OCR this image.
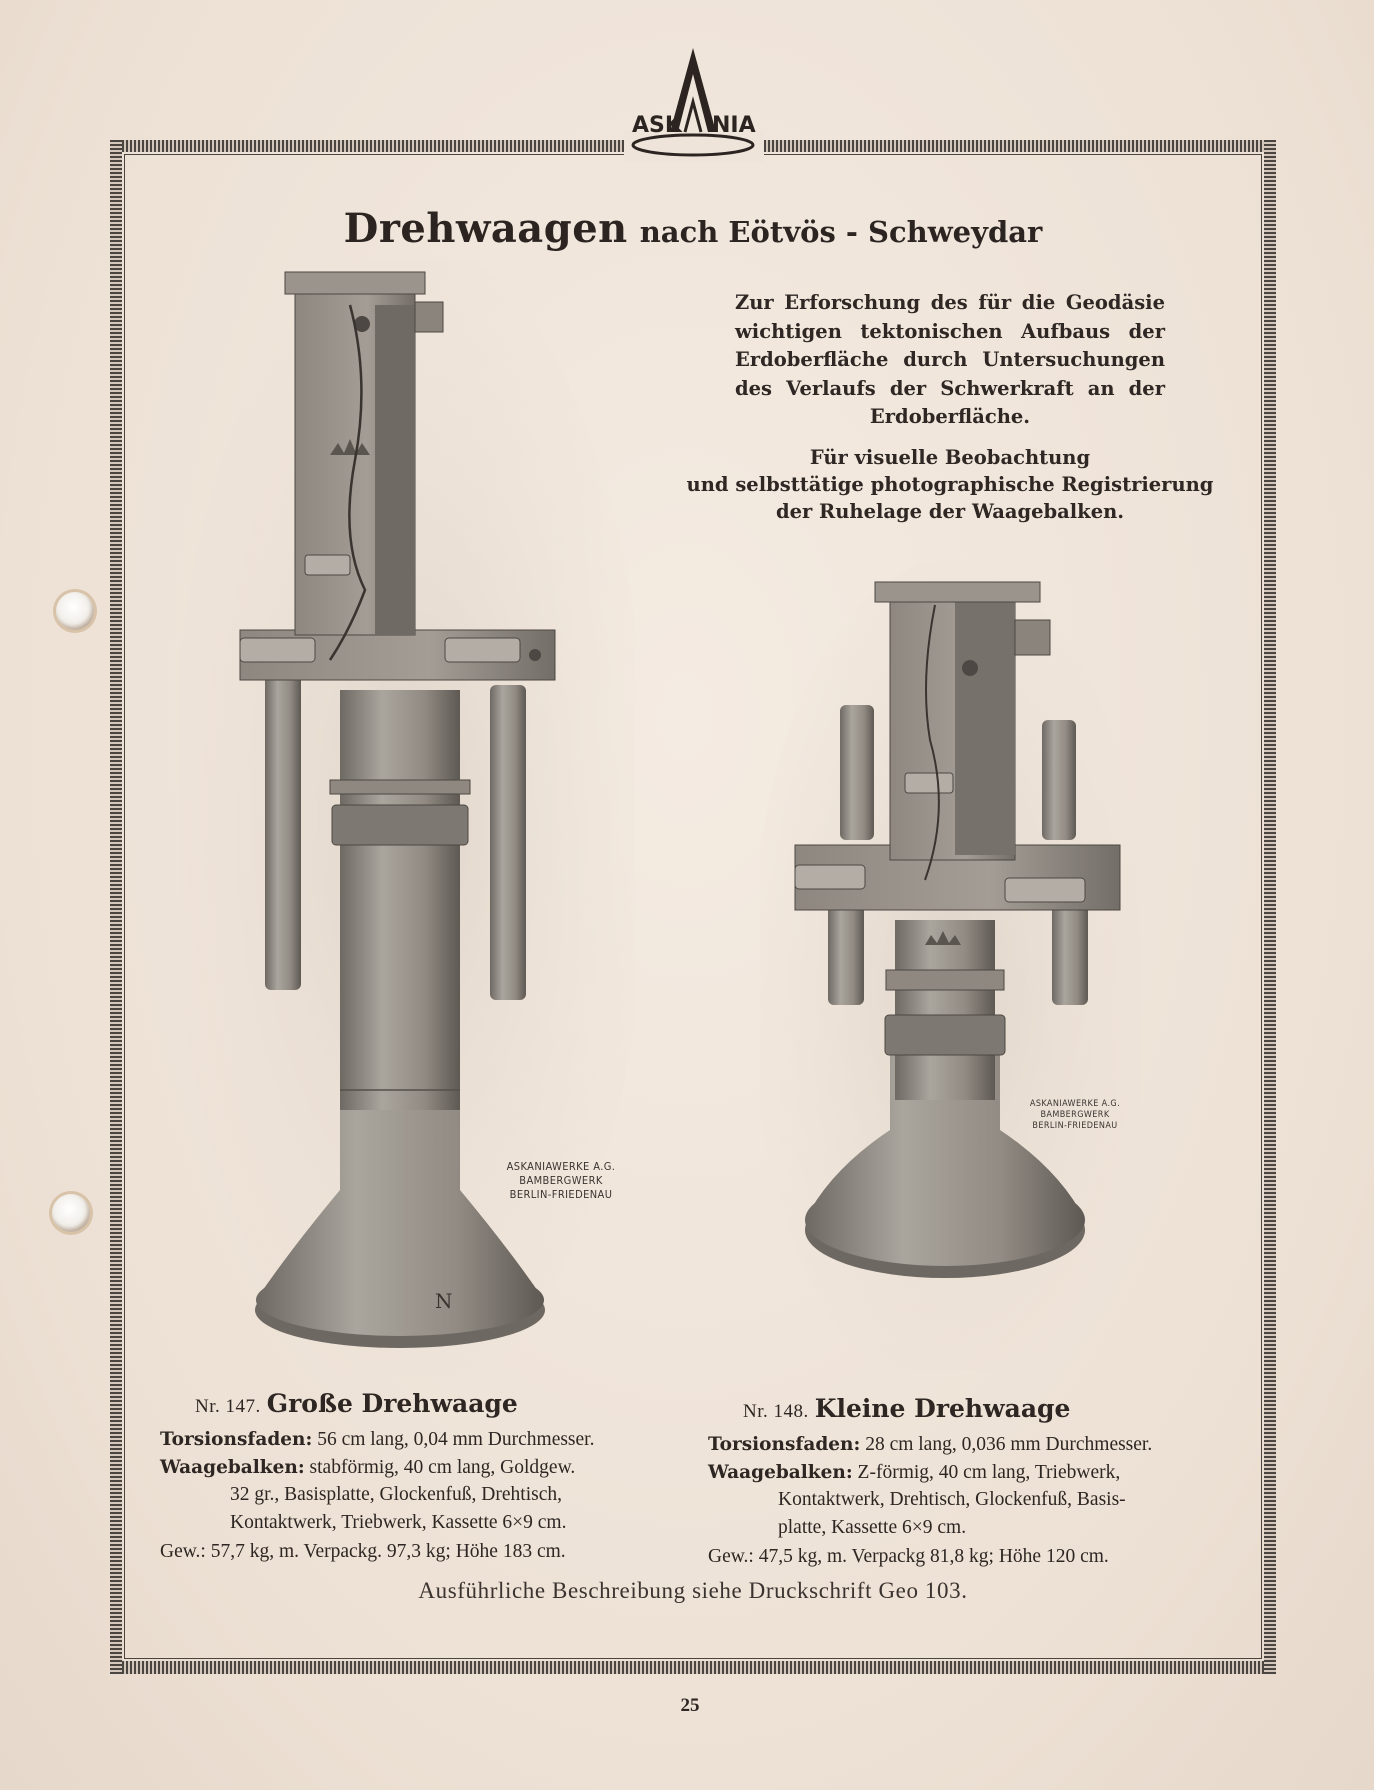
ASK NIA
Drehwaagen nach Eötvös - Schweydar
Zur Erforschung des für die Geodäsie wichtigen tektonischen Aufbaus der Erdoberfläche durch Untersuchungen des Verlaufs der Schwerkraft an der Erdoberfläche.
Für visuelle Beobachtung
und selbsttätige photographische Registrierung
der Ruhelage der Waagebalken.
N
ASKANIAWERKE A.G.
BAMBERGWERK
BERLIN-FRIEDENAU
ASKANIAWERKE A.G.
BAMBERGWERK
BERLIN-FRIEDENAU
Nr. 147. Große Drehwaage
Torsionsfaden: 56 cm lang, 0,04 mm Durchmesser.
Waagebalken: stabförmig, 40 cm lang, Goldgew.
32 gr., Basisplatte, Glockenfuß, Drehtisch,
Kontaktwerk, Triebwerk, Kassette 6×9 cm.
Gew.: 57,7 kg, m. Verpackg. 97,3 kg; Höhe 183 cm.
Nr. 148. Kleine Drehwaage
Torsionsfaden: 28 cm lang, 0,036 mm Durchmesser.
Waagebalken: Z-förmig, 40 cm lang, Triebwerk,
Kontaktwerk, Drehtisch, Glockenfuß, Basis-
platte, Kassette 6×9 cm.
Gew.: 47,5 kg, m. Verpackg 81,8 kg; Höhe 120 cm.
Ausführliche Beschreibung siehe Druckschrift Geo 103.
25
